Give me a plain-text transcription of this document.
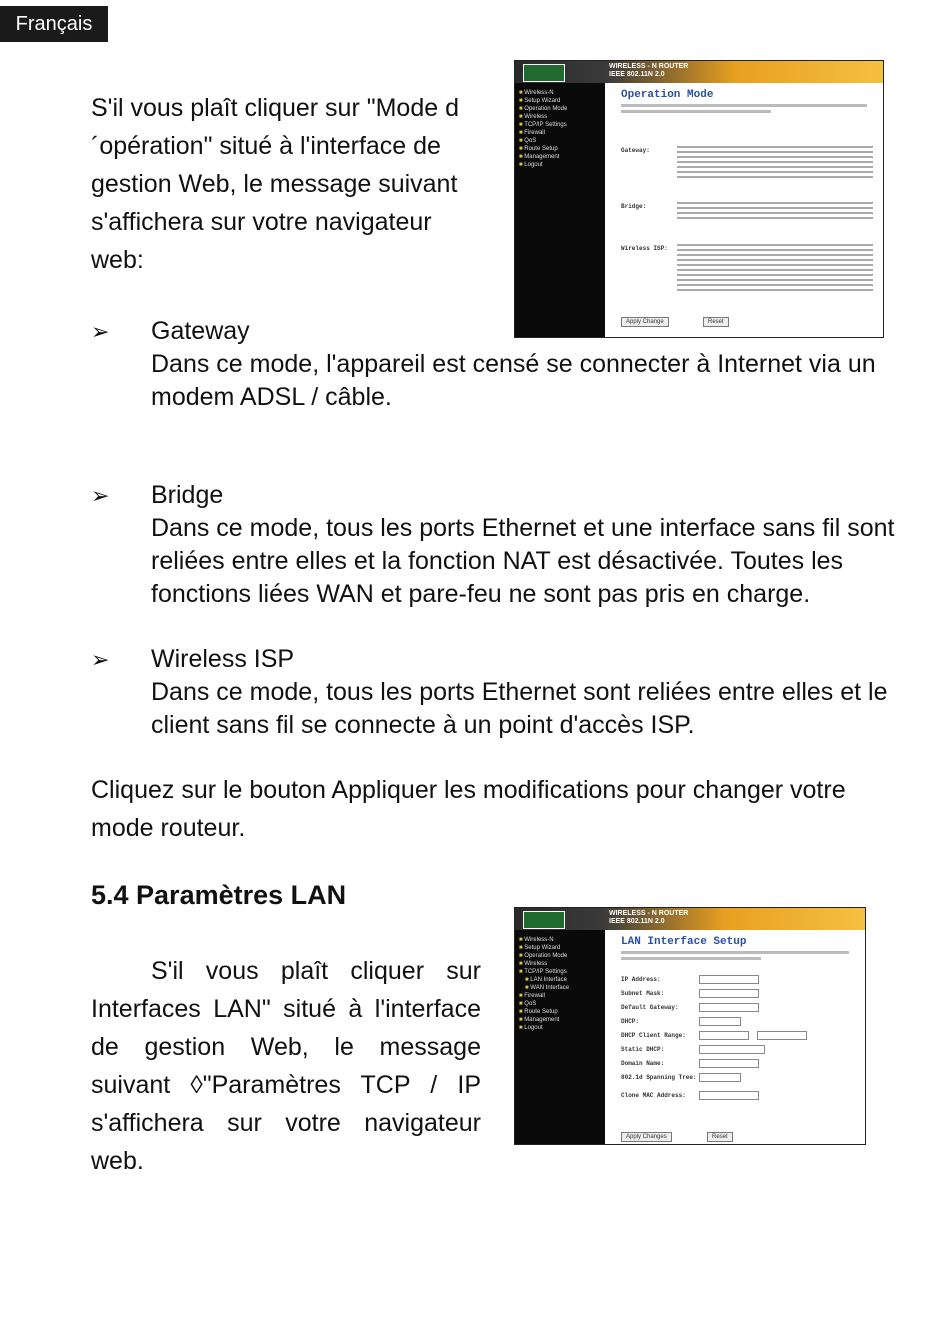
Français

S'il vous plaît cliquer sur "Mode d´opération" situé à l'interface de gestion Web, le message suivant s'affichera sur votre navigateur web:

WIRELESS - N ROUTER
IEEE 802.11N 2.0
■ Wireless-N
■ Setup Wizard
■ Operation Mode
■ Wireless
■ TCP/IP Settings
■ Firewall
■ QoS
■ Route Setup
■ Management
■ Logout
Operation Mode
Gateway:
Bridge:
Wireless ISP:
Apply Change	Reset
➢ Gateway
Dans ce mode, l'appareil est censé se connecter à Internet via un modem ADSL / câble.
➢ Bridge
Dans ce mode, tous les ports Ethernet et une interface sans fil sont reliées entre elles et la fonction NAT est désactivée. Toutes les fonctions liées WAN et pare-feu ne sont pas pris en charge.
➢ Wireless ISP
Dans ce mode, tous les ports Ethernet sont reliées entre elles et le client sans fil se connecte à un point d'accès ISP.

Cliquez sur le bouton Appliquer les modifications pour changer votre mode routeur.

5.4 Paramètres LAN

S'il vous plaît cliquer sur Interfaces LAN" situé à l'interface de gestion Web, le message suivant ◊"Paramètres TCP / IP s'affichera sur votre navigateur web.

WIRELESS - N ROUTER
IEEE 802.11N 2.0
■ Wireless-N
■ Setup Wizard
■ Operation Mode
■ Wireless
■ TCP/IP Settings
■ LAN Interface
■ WAN Interface
■ Firewall
■ QoS
■ Route Setup
■ Management
■ Logout
LAN Interface Setup
IP Address:
Subnet Mask:
Default Gateway:
DHCP:
DHCP Client Range:
Static DHCP:
Domain Name:
802.1d Spanning Tree:
Clone MAC Address:
Apply Changes	Reset
